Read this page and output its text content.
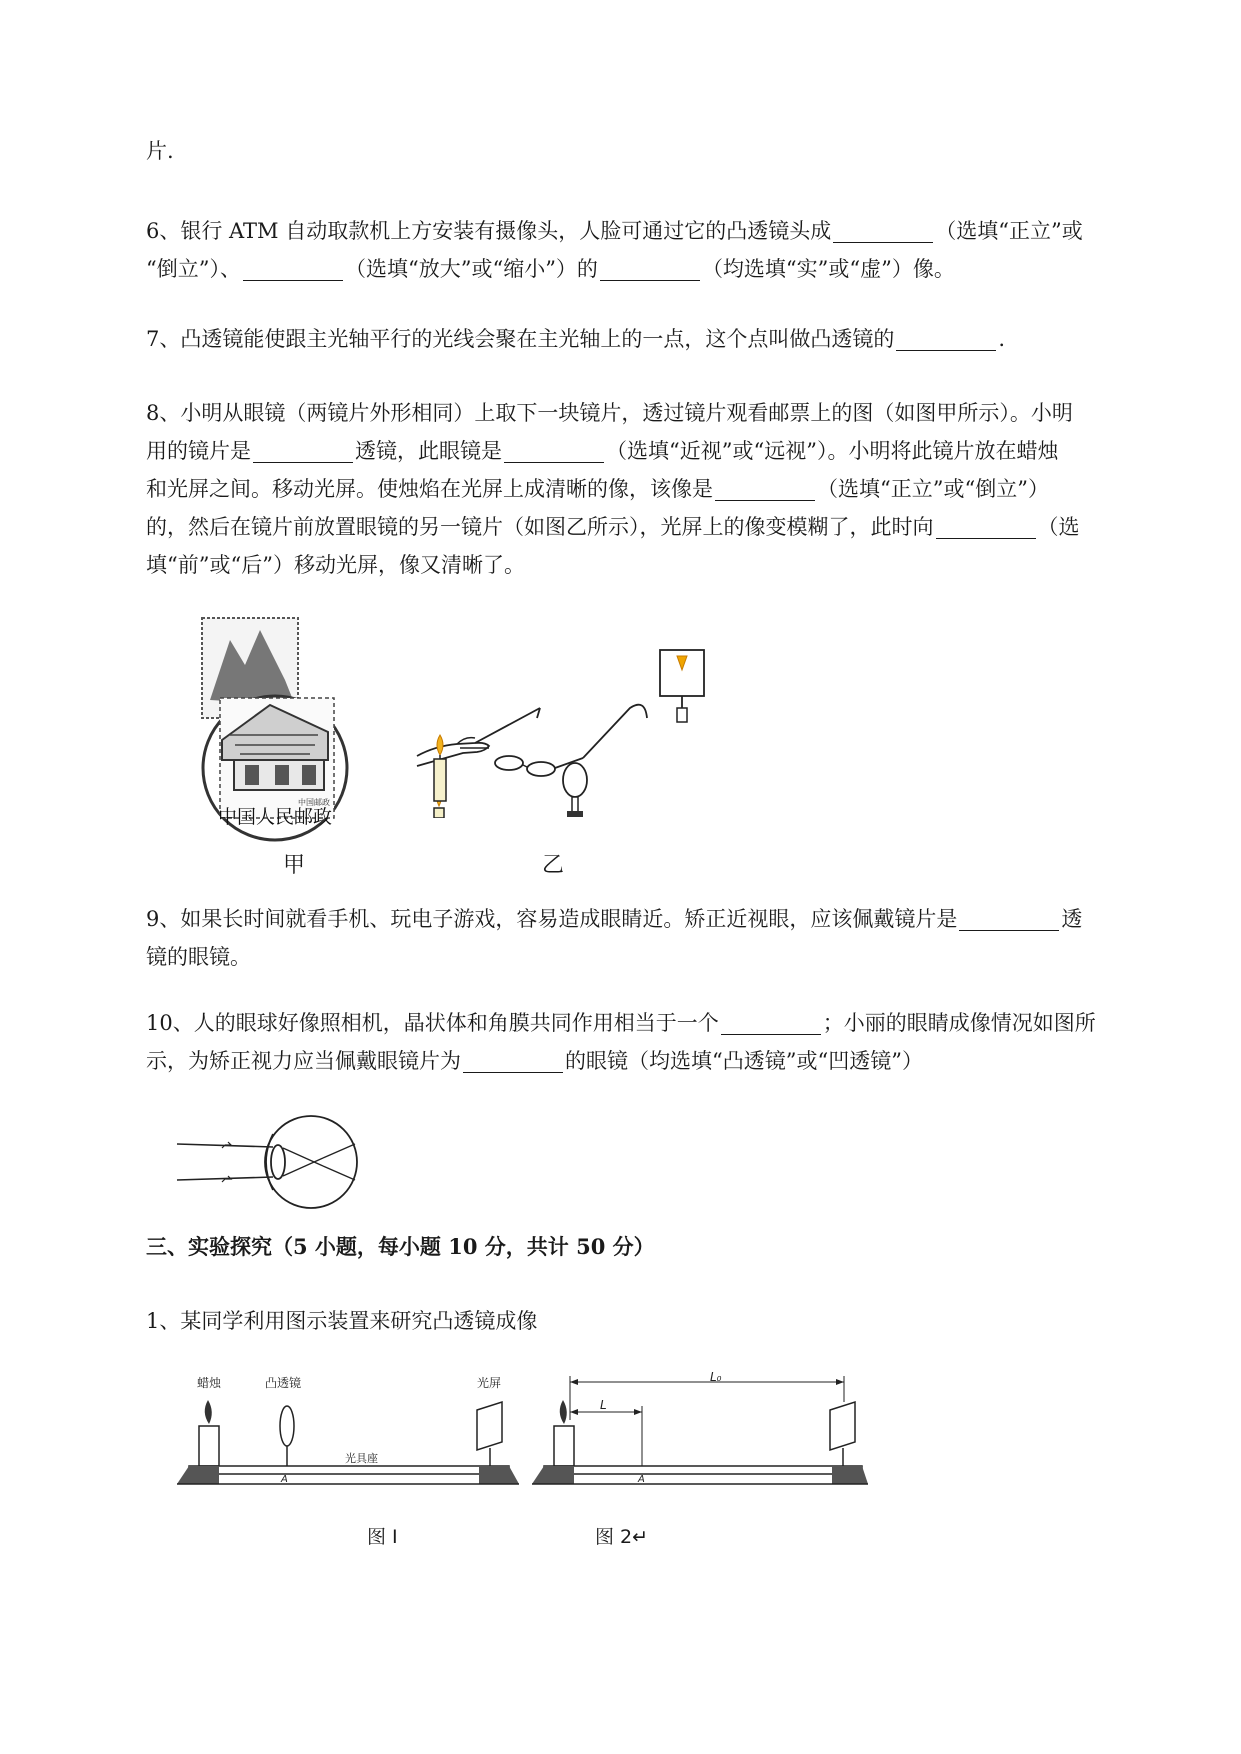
片.

6、银行 ATM 自动取款机上方安装有摄像头，人脸可通过它的凸透镜头成	（选填“正立”或
“倒立”）、	（选填“放大”或“缩小”）的	（均选填“实”或“虚”）像。

7、凸透镜能使跟主光轴平行的光线会聚在主光轴上的一点，这个点叫做凸透镜的	.

8、小明从眼镜（两镜片外形相同）上取下一块镜片，透过镜片观看邮票上的图（如图甲所示）。小明
用的镜片是	透镜，此眼镜是	（选填“近视”或“远视”）。小明将此镜片放在蜡烛
和光屏之间。移动光屏。使烛焰在光屏上成清晰的像，该像是	（选填“正立”或“倒立”）
的，然后在镜片前放置眼镜的另一镜片（如图乙所示），光屏上的像变模糊了，此时向	（选
填“前”或“后”）移动光屏，像又清晰了。

中国邮政
中国人民邮政
甲	乙

9、如果长时间就看手机、玩电子游戏，容易造成眼睛近。矫正近视眼，应该佩戴镜片是	透
镜的眼镜。

10、人的眼球好像照相机，晶状体和角膜共同作用相当于一个	；小丽的眼睛成像情况如图所
示，为矫正视力应当佩戴眼镜片为	的眼镜（均选填“凸透镜”或“凹透镜”）

三、实验探究（5 小题，每小题 10 分，共计 50 分）

1、某同学利用图示装置来研究凸透镜成像

蜡烛	凸透镜	光屏
光具座
A
图 I
L₀
L
A
图 2↵
